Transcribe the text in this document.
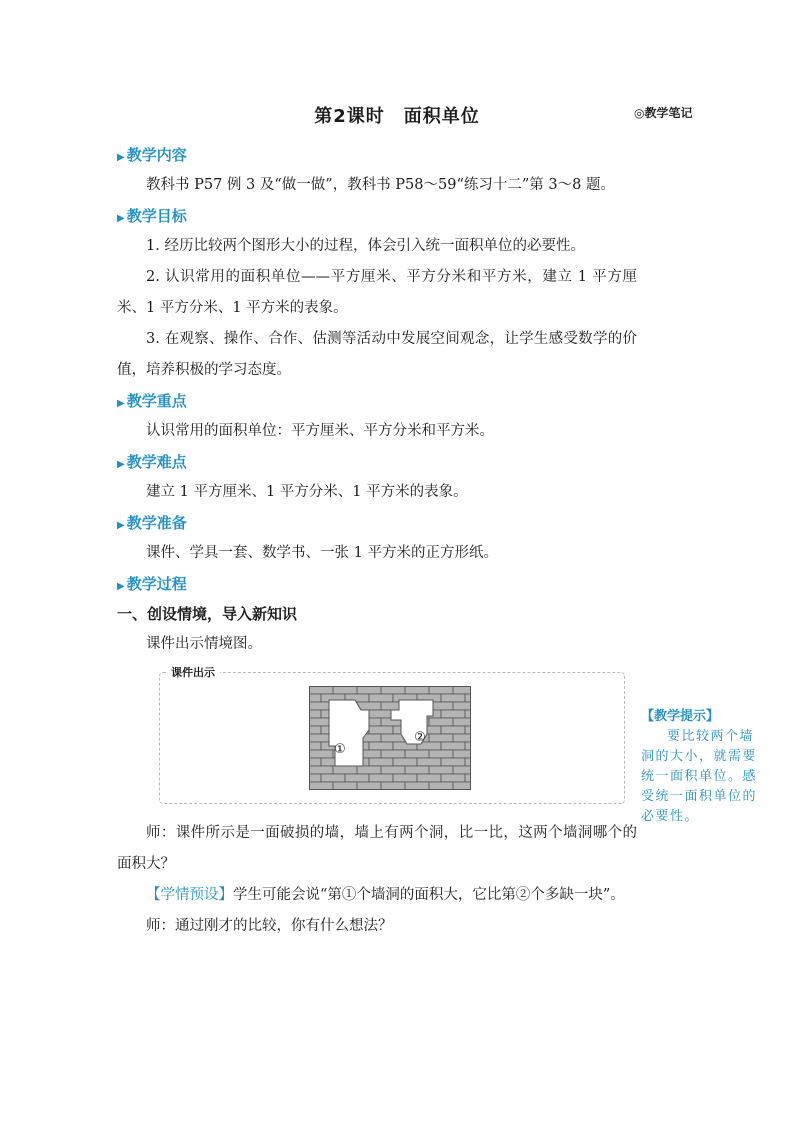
第2课时　面积单位	◎教学笔记
▶ 教学内容

教科书 P57 例 3 及“做一做”，教科书 P58～59“练习十二”第 3～8 题。

▶ 教学目标

1. 经历比较两个图形大小的过程，体会引入统一面积单位的必要性。

2. 认识常用的面积单位——平方厘米、平方分米和平方米，建立 1 平方厘米、1 平方分米、1 平方米的表象。

3. 在观察、操作、合作、估测等活动中发展空间观念，让学生感受数学的价值，培养积极的学习态度。

▶ 教学重点

认识常用的面积单位：平方厘米、平方分米和平方米。

▶ 教学难点

建立 1 平方厘米、1 平方分米、1 平方米的表象。

▶ 教学准备

课件、学具一套、数学书、一张 1 平方米的正方形纸。

▶ 教学过程
一、创设情境，导入新知识

课件出示情境图。

课件出示
①
②

师：课件所示是一面破损的墙，墙上有两个洞，比一比，这两个墙洞哪个的面积大？

【学情预设】学生可能会说“第①个墙洞的面积大，它比第②个多缺一块”。

师：通过刚才的比较，你有什么想法？

【教学提示】
要比较两个墙洞的大小，就需要统一面积单位。感受统一面积单位的必要性。
